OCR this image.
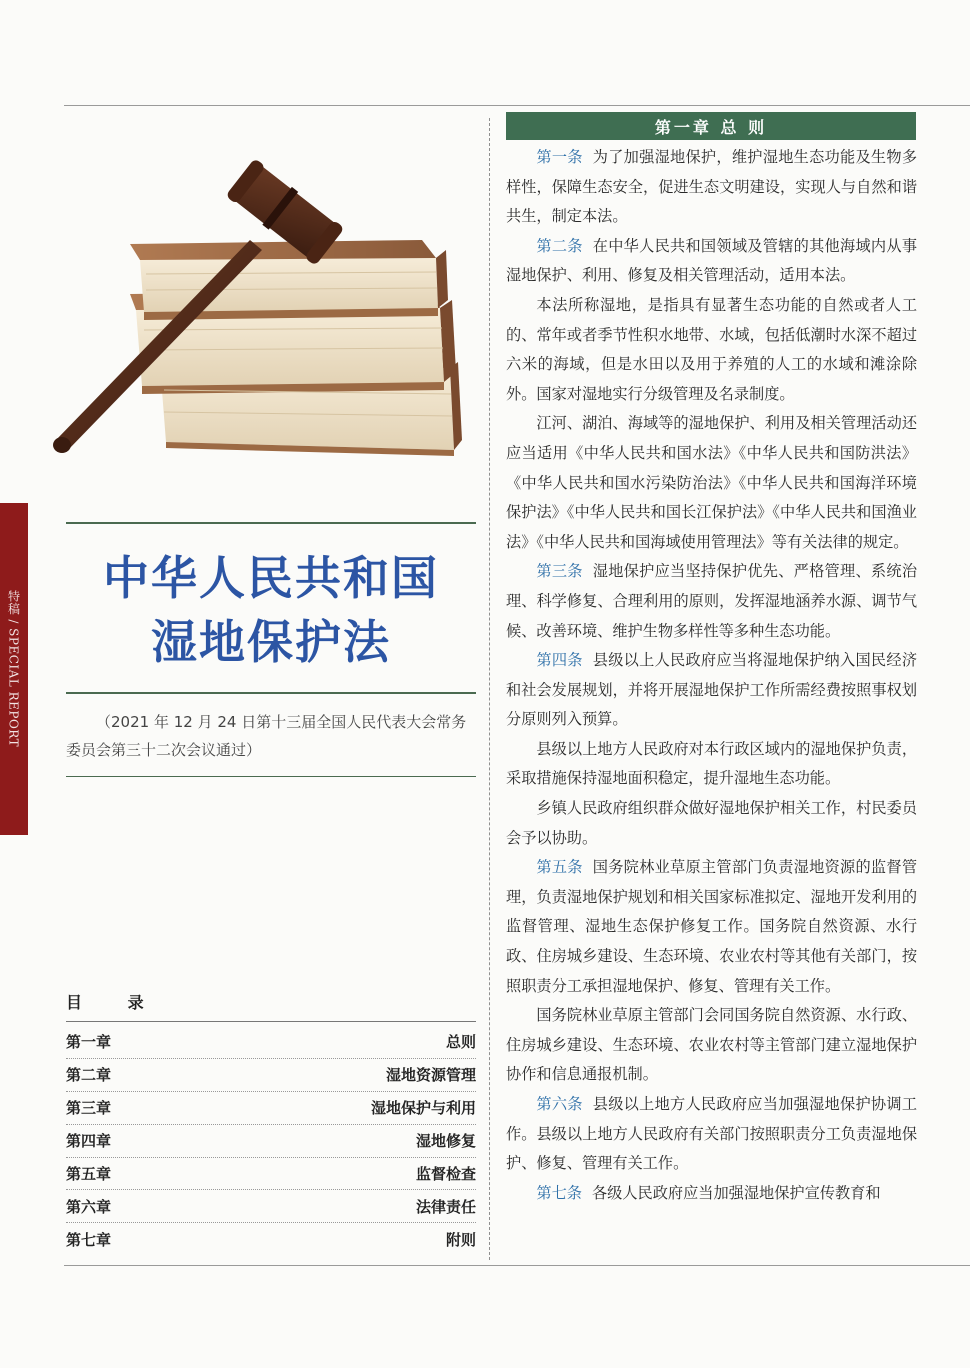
特稿 / SPECIAL REPORT
中华人民共和国
湿地保护法
（2021 年 12 月 24 日第十三届全国人民代表大会常务委员会第三十二次会议通过）
目 录
第一章	总则
第二章	湿地资源管理
第三章	湿地保护与利用
第四章	湿地修复
第五章	监督检查
第六章	法律责任
第七章	附则
第一章 总 则

第一条 为了加强湿地保护，维护湿地生态功能及生物多样性，保障生态安全，促进生态文明建设，实现人与自然和谐共生，制定本法。

第二条 在中华人民共和国领域及管辖的其他海域内从事湿地保护、利用、修复及相关管理活动，适用本法。

本法所称湿地，是指具有显著生态功能的自然或者人工的、常年或者季节性积水地带、水域，包括低潮时水深不超过六米的海域，但是水田以及用于养殖的人工的水域和滩涂除外。国家对湿地实行分级管理及名录制度。

江河、湖泊、海域等的湿地保护、利用及相关管理活动还应当适用《中华人民共和国水法》《中华人民共和国防洪法》《中华人民共和国水污染防治法》《中华人民共和国海洋环境保护法》《中华人民共和国长江保护法》《中华人民共和国渔业法》《中华人民共和国海域使用管理法》等有关法律的规定。

第三条 湿地保护应当坚持保护优先、严格管理、系统治理、科学修复、合理利用的原则，发挥湿地涵养水源、调节气候、改善环境、维护生物多样性等多种生态功能。

第四条 县级以上人民政府应当将湿地保护纳入国民经济和社会发展规划，并将开展湿地保护工作所需经费按照事权划分原则列入预算。

县级以上地方人民政府对本行政区域内的湿地保护负责，采取措施保持湿地面积稳定，提升湿地生态功能。

乡镇人民政府组织群众做好湿地保护相关工作，村民委员会予以协助。

第五条 国务院林业草原主管部门负责湿地资源的监督管理，负责湿地保护规划和相关国家标准拟定、湿地开发利用的监督管理、湿地生态保护修复工作。国务院自然资源、水行政、住房城乡建设、生态环境、农业农村等其他有关部门，按照职责分工承担湿地保护、修复、管理有关工作。

国务院林业草原主管部门会同国务院自然资源、水行政、住房城乡建设、生态环境、农业农村等主管部门建立湿地保护协作和信息通报机制。

第六条 县级以上地方人民政府应当加强湿地保护协调工作。县级以上地方人民政府有关部门按照职责分工负责湿地保护、修复、管理有关工作。

第七条 各级人民政府应当加强湿地保护宣传教育和
